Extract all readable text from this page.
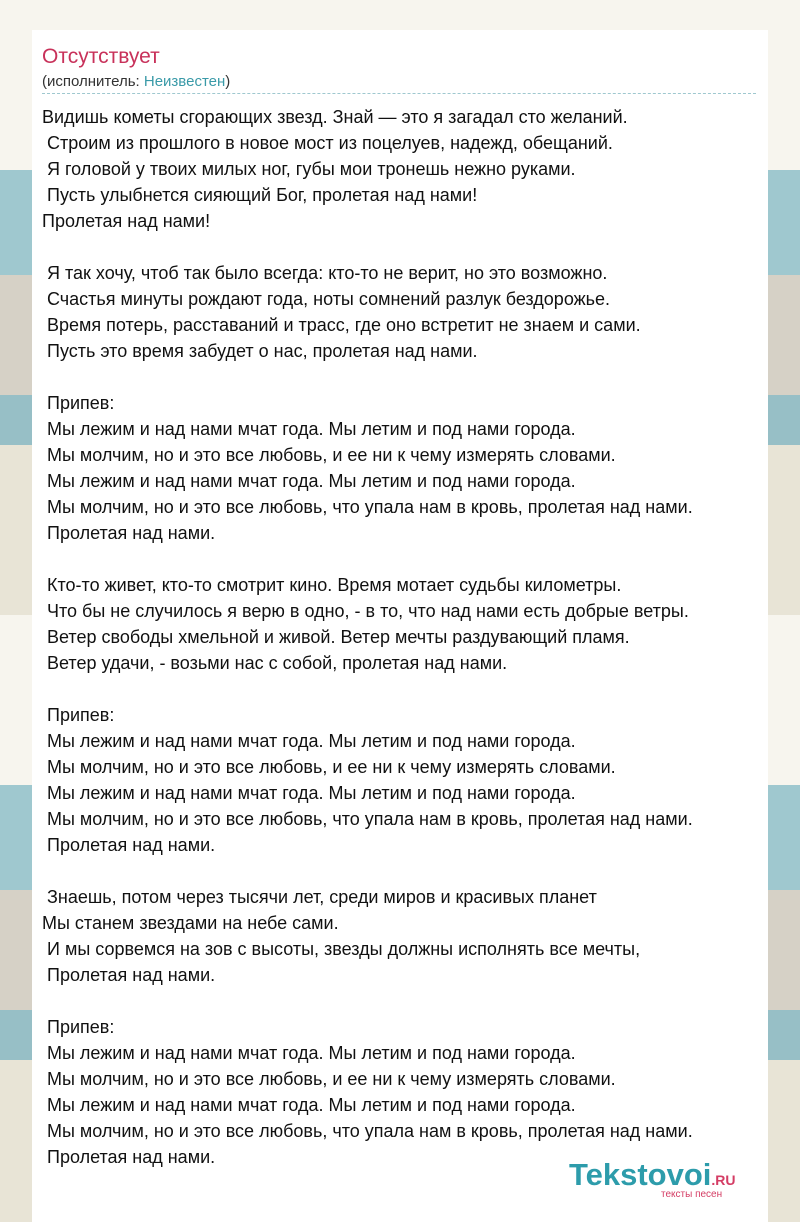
Отсутствует
(исполнитель: Неизвестен)
Видишь кометы сгорающих звезд. Знай — это я загадал сто желаний.
Строим из прошлого в новое мост из поцелуев, надежд, обещаний.
Я головой у твоих милых ног, губы мои тронешь нежно руками.
Пусть улыбнется сияющий Бог, пролетая над нами!
Пролетая над нами!
Я так хочу, чтоб так было всегда: кто-то не верит, но это возможно.
Счастья минуты рождают года, ноты сомнений разлук бездорожье.
Время потерь, расставаний и трасс, где оно встретит не знаем и сами.
Пусть это время забудет о нас, пролетая над нами.
Припев:
Мы лежим и над нами мчат года. Мы летим и под нами города.
Мы молчим, но и это все любовь, и ее ни к чему измерять словами.
Мы лежим и над нами мчат года. Мы летим и под нами города.
Мы молчим, но и это все любовь, что упала нам в кровь, пролетая над нами.
Пролетая над нами.
Кто-то живет, кто-то смотрит кино. Время мотает судьбы километры.
Что бы не случилось я верю в одно, - в то, что над нами есть добрые ветры.
Ветер свободы хмельной и живой. Ветер мечты раздувающий пламя.
Ветер удачи, - возьми нас с собой, пролетая над нами.
Припев:
Мы лежим и над нами мчат года. Мы летим и под нами города.
Мы молчим, но и это все любовь, и ее ни к чему измерять словами.
Мы лежим и над нами мчат года. Мы летим и под нами города.
Мы молчим, но и это все любовь, что упала нам в кровь, пролетая над нами.
Пролетая над нами.
Знаешь, потом через тысячи лет, среди миров и красивых планет
Мы станем звездами на небе сами.
И мы сорвемся на зов с высоты, звезды должны исполнять все мечты,
Пролетая над нами.
Припев:
Мы лежим и над нами мчат года. Мы летим и под нами города.
Мы молчим, но и это все любовь, и ее ни к чему измерять словами.
Мы лежим и над нами мчат года. Мы летим и под нами города.
Мы молчим, но и это все любовь, что упала нам в кровь, пролетая над нами.
Пролетая над нами.	Tekstovoi.RU
тексты песен
